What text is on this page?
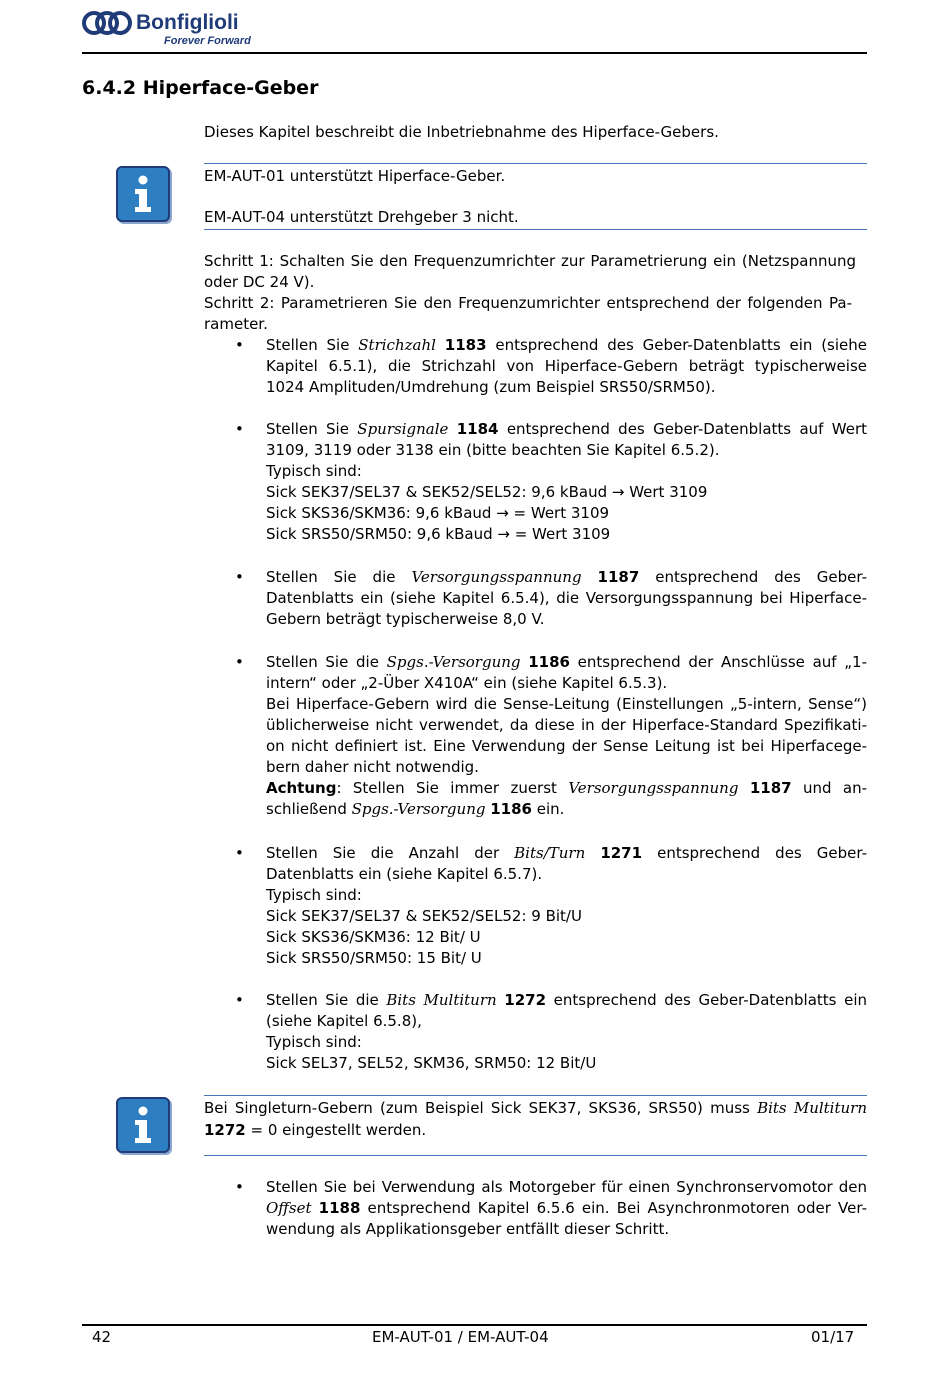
Bonfiglioli
Forever Forward
6.4.2 Hiperface-Geber
Dieses Kapitel beschreibt die Inbetriebnahme des Hiperface-Gebers.
EM-AUT-01 unterstützt Hiperface-Geber.
EM-AUT-04 unterstützt Drehgeber 3 nicht.
Schritt 1: Schalten Sie den Frequenzumrichter zur Parametrierung ein (Netzspannung
oder DC 24 V).
Schritt 2: Parametrieren Sie den Frequenzumrichter entsprechend der folgenden Pa-
rameter.
• Stellen Sie Strichzahl 1183 entsprechend des Geber-Datenblatts ein (siehe
Kapitel 6.5.1), die Strichzahl von Hiperface-Gebern beträgt typischerweise
1024 Amplituden/Umdrehung (zum Beispiel SRS50/SRM50).
• Stellen Sie Spursignale 1184 entsprechend des Geber-Datenblatts auf Wert
3109, 3119 oder 3138 ein (bitte beachten Sie Kapitel 6.5.2).
Typisch sind:
Sick SEK37/SEL37 & SEK52/SEL52: 9,6 kBaud → Wert 3109
Sick SKS36/SKM36: 9,6 kBaud → = Wert 3109
Sick SRS50/SRM50: 9,6 kBaud → = Wert 3109
• Stellen Sie die Versorgungsspannung 1187 entsprechend des Geber-
Datenblatts ein (siehe Kapitel 6.5.4), die Versorgungsspannung bei Hiperface-
Gebern beträgt typischerweise 8,0 V.
• Stellen Sie die Spgs.-Versorgung 1186 entsprechend der Anschlüsse auf „1-
intern“ oder „2-Über X410A“ ein (siehe Kapitel 6.5.3).
Bei Hiperface-Gebern wird die Sense-Leitung (Einstellungen „5-intern, Sense“)
üblicherweise nicht verwendet, da diese in der Hiperface-Standard Spezifikati-
on nicht definiert ist. Eine Verwendung der Sense Leitung ist bei Hiperfacege-
bern daher nicht notwendig.
Achtung: Stellen Sie immer zuerst Versorgungsspannung 1187 und an-
schließend Spgs.-Versorgung 1186 ein.
• Stellen Sie die Anzahl der Bits/Turn 1271 entsprechend des Geber-
Datenblatts ein (siehe Kapitel 6.5.7).
Typisch sind:
Sick SEK37/SEL37 & SEK52/SEL52: 9 Bit/U
Sick SKS36/SKM36: 12 Bit/ U
Sick SRS50/SRM50: 15 Bit/ U
• Stellen Sie die Bits Multiturn 1272 entsprechend des Geber-Datenblatts ein
(siehe Kapitel 6.5.8),
Typisch sind:
Sick SEL37, SEL52, SKM36, SRM50: 12 Bit/U
Bei Singleturn-Gebern (zum Beispiel Sick SEK37, SKS36, SRS50) muss Bits Multiturn
1272 = 0 eingestellt werden.
• Stellen Sie bei Verwendung als Motorgeber für einen Synchronservomotor den
Offset 1188 entsprechend Kapitel 6.5.6 ein. Bei Asynchronmotoren oder Ver-
wendung als Applikationsgeber entfällt dieser Schritt.
42	EM-AUT-01 / EM-AUT-04	01/17
